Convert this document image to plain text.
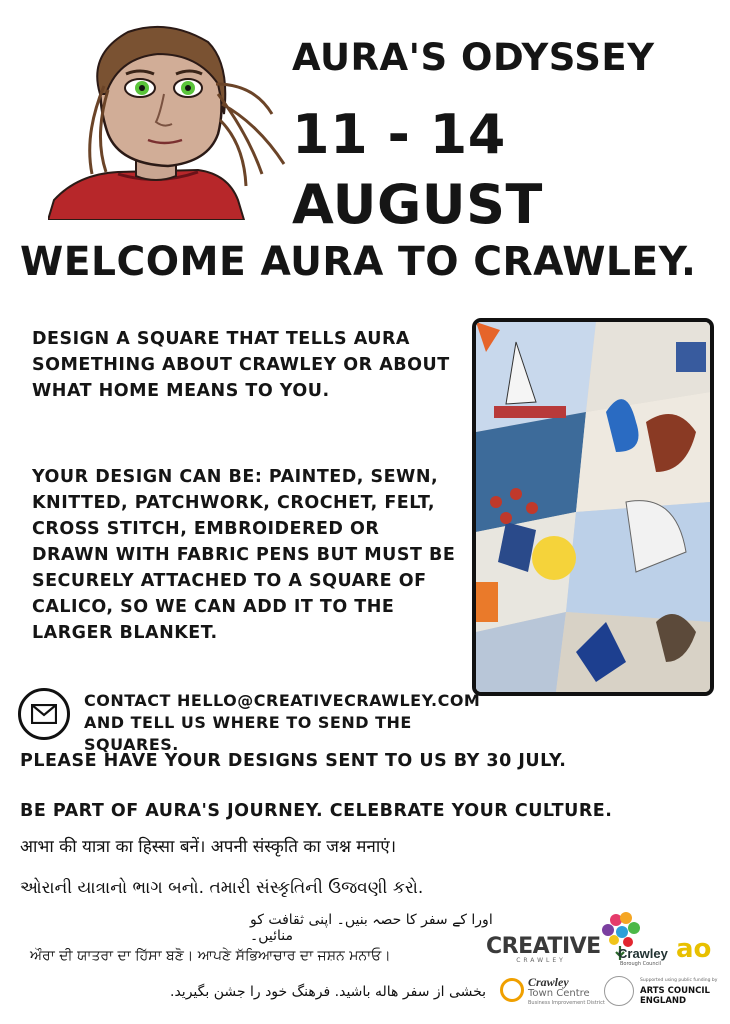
AURA'S ODYSSEY
11 - 14 AUGUST
WELCOME AURA TO CRAWLEY.
DESIGN A SQUARE THAT TELLS AURA SOMETHING ABOUT CRAWLEY OR ABOUT WHAT HOME MEANS TO YOU.
YOUR DESIGN CAN BE: PAINTED, SEWN, KNITTED, PATCHWORK, CROCHET, FELT, CROSS STITCH, EMBROIDERED OR DRAWN WITH FABRIC PENS BUT MUST BE SECURELY ATTACHED TO A SQUARE OF CALICO, SO WE CAN ADD IT TO THE LARGER BLANKET.
CONTACT HELLO@CREATIVECRAWLEY.COM
AND TELL US WHERE TO SEND THE SQUARES.
PLEASE HAVE YOUR DESIGNS SENT TO US BY 30 JULY.
BE PART OF AURA'S JOURNEY. CELEBRATE YOUR CULTURE.
आभा की यात्रा का हिस्सा बनें। अपनी संस्कृति का जश्न मनाएं।
ઓરાની યાત્રાનો ભાગ બનો. તમારી સંસ્કૃતિની ઉજવણી કરો.
اورا کے سفر کا حصہ بنیں۔ اپنی ثقافت کو منائیں۔
ਔਰਾ ਦੀ ਯਾਤਰਾ ਦਾ ਹਿੱਸਾ ਬਣੋ। ਆਪਣੇ ਸੱਭਿਆਚਾਰ ਦਾ ਜਸ਼ਨ ਮਨਾਓ।
بخشی از سفر هاله باشید. فرهنگ خود را جشن بگیرید.
CREATIVE
CRAWLEY	Crawley
Borough Council ao
Crawley
Town Centre
Business Improvement District
Supported using public funding by
ARTS COUNCIL
ENGLAND
